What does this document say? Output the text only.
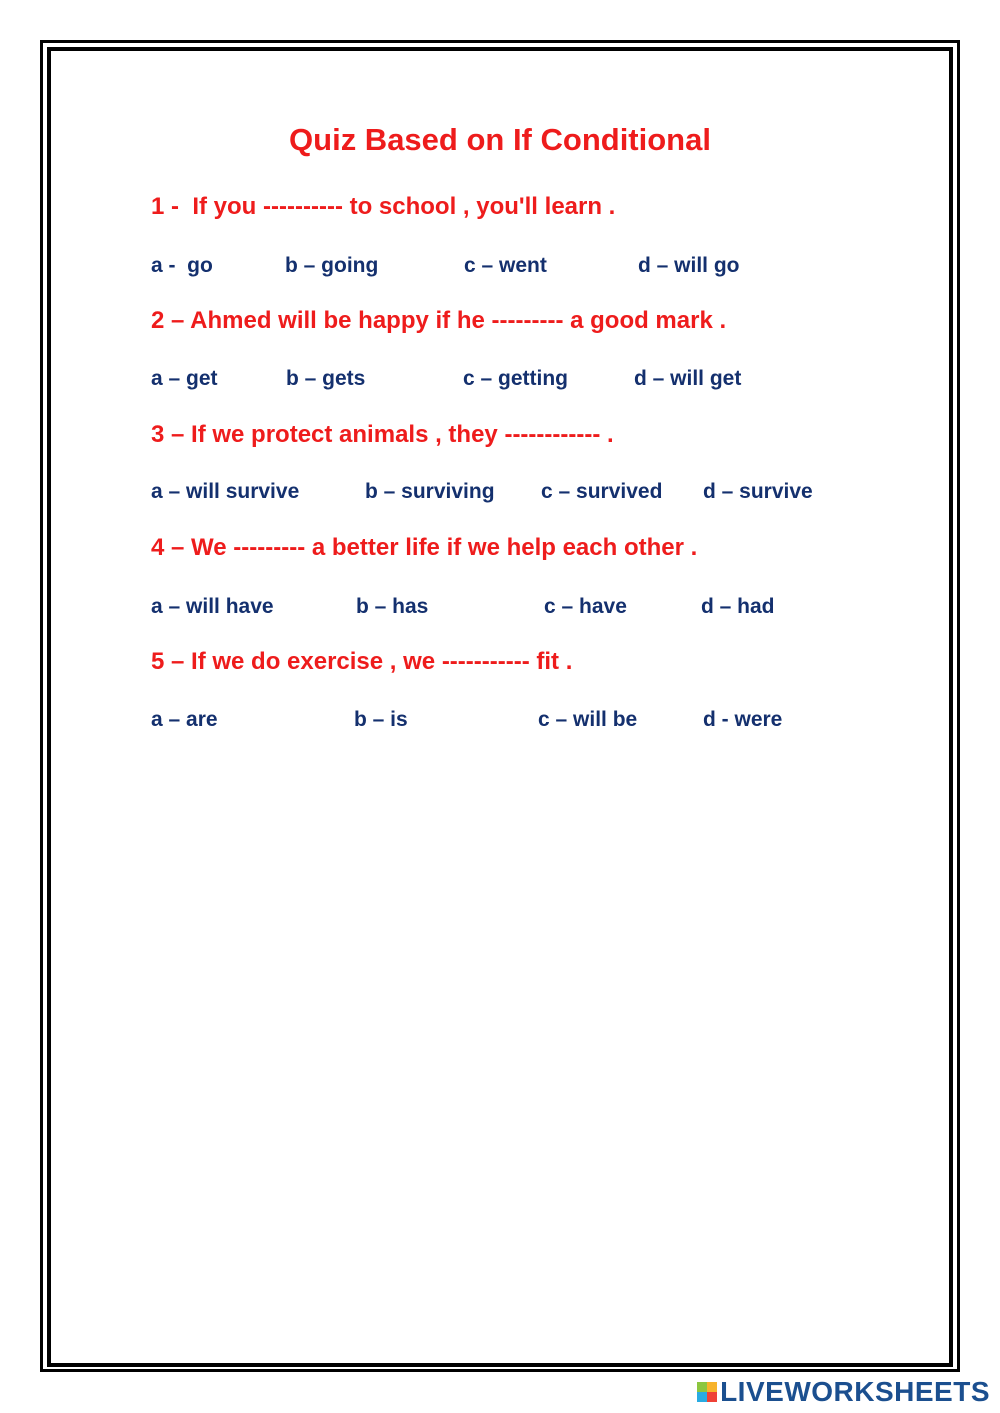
Quiz Based on If Conditional

1 -  If you ---------- to school , you'll learn .

a -  go	b – going	c – went	d – will go

2 – Ahmed will be happy if he --------- a good mark .

a – get	b – gets	c – getting	d – will get

3 – If we protect animals , they ------------ .

a – will survive	b – surviving c – survived d – survive

4 – We --------- a better life if we help each other .

a – will have	b – has	c – have	d – had

5 – If we do exercise , we ----------- fit .

a – are	b – is	c – will be	d - were
LIVEWORKSHEETS
